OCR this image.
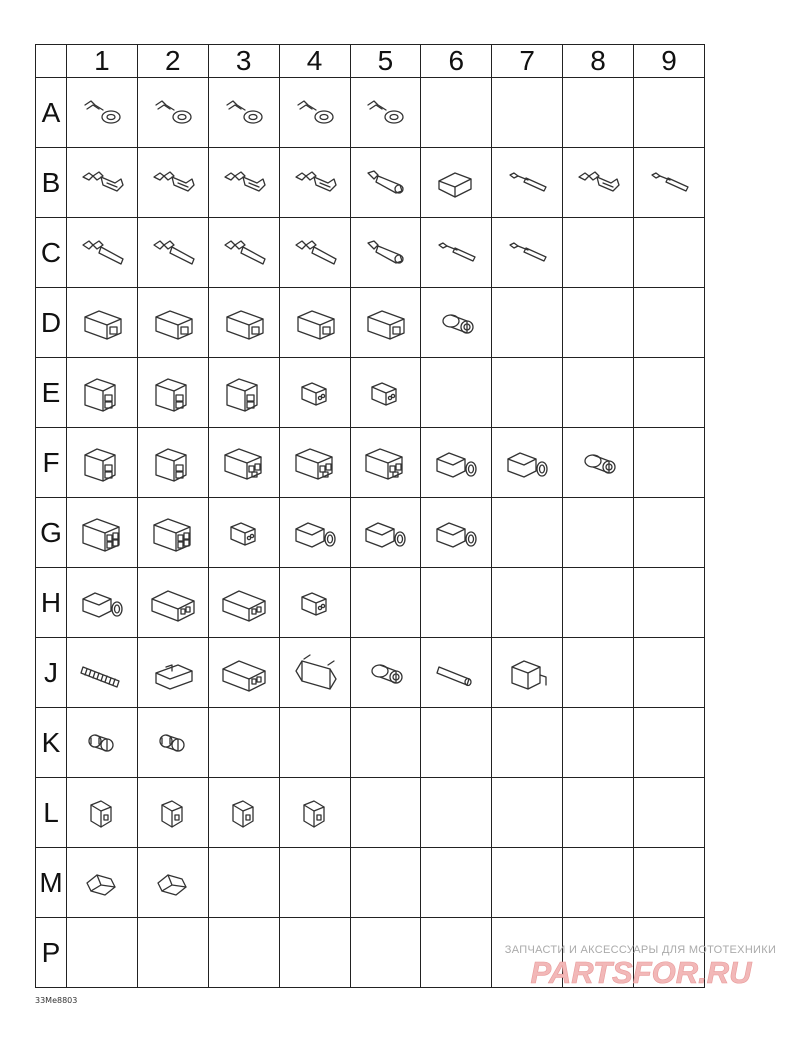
	1	2	3	4	5	6	7	8	9
A	

B	

C	

D	

E	

F	

G	

H	

J	

K	

L	

M	

P										ЗАПЧАСТИ И АКСЕССУАРЫ ДЛЯ МОТОТЕХНИКИ
PARTSFOR.RU
33Me8803
